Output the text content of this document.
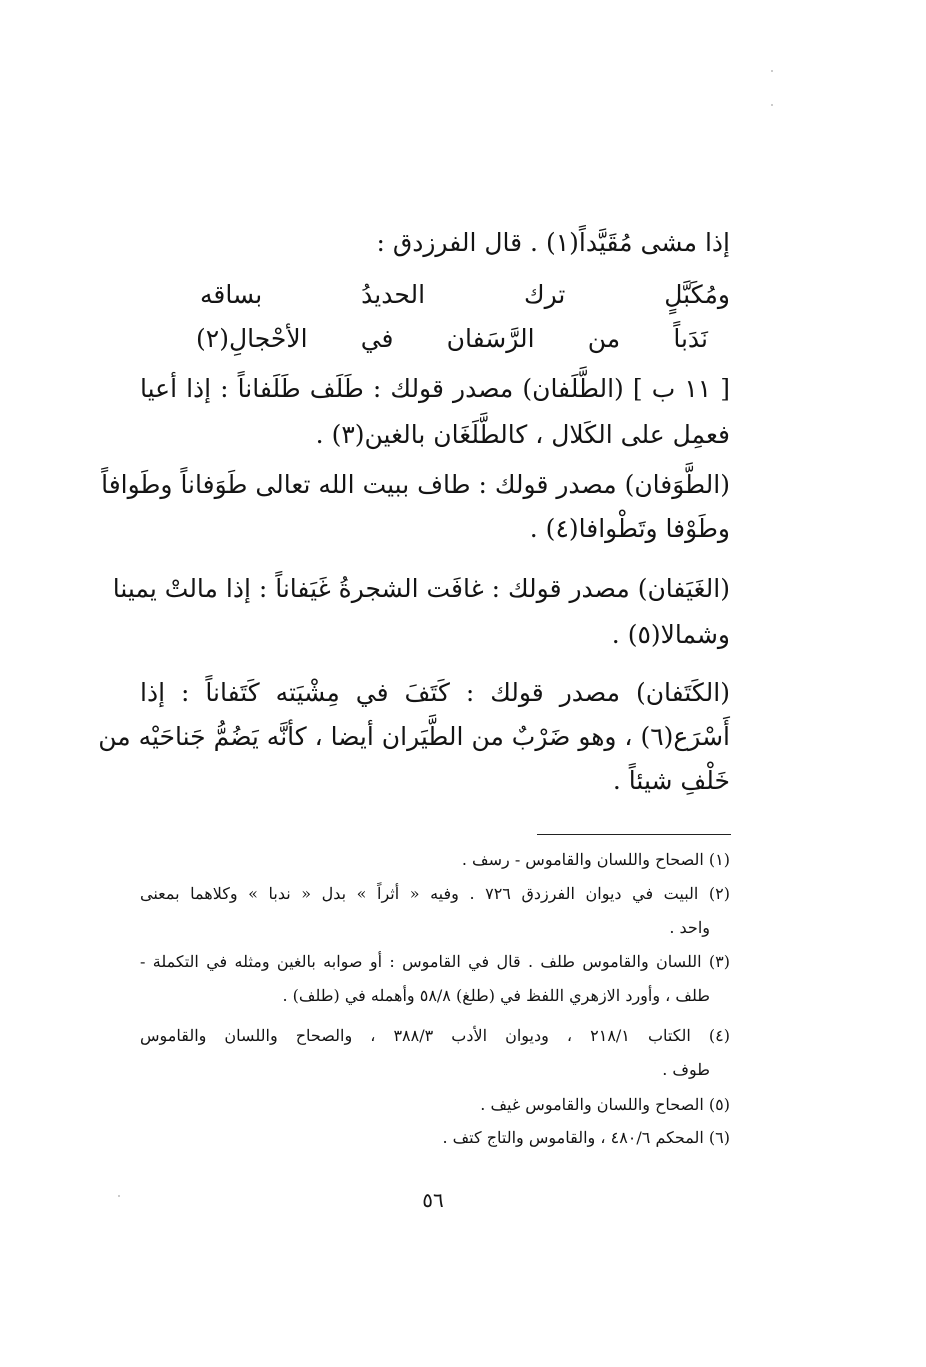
إذا مشى مُقَيَّداً(١) . قال الفرزدق :

ومُكَبَّلٍ ترك الحديدُ بساقه

نَدَباً من الرَّسَفان في الأحْجالِ(٢)

[ ١١ ب ] (الطَّلَفان) مصدر قولك : طَلَف طَلَفاناً : إذا أعيا

فعمِل على الكَلال ، كالطَّلَغَان بالغين(٣) .

(الطَّوَفان) مصدر قولك : طاف ببيت الله تعالى طَوَفاناً وطَوافاً

وطَوْفا وتَطْوافا(٤) .

(الغَيَفان) مصدر قولك : غافَت الشجرةُ غَيَفاناً : إذا مالتْ يمينا

وشمالا(٥) .

(الكَتَفان) مصدر قولك : كَتَفَ في مِشْيَته كَتَفاناً : إذا

أَسْرَع(٦) ، وهو ضَرْبٌ من الطَّيَران أيضا ، كأنَّه يَضُمُّ جَناحَيْه من

خَلْفِ شيئاً .

(١) الصحاح واللسان والقاموس - رسف .

(٢) البيت في ديوان الفرزدق ٧٢٦ . وفيه « أثراً » بدل « ندبا » وكلاهما بمعنى

واحد .

(٣) اللسان والقاموس طلف . قال في القاموس : أو صوابه بالغين ومثله في التكملة -

طلف ، وأورد الازهري اللفظ في (طلغ) ٥٨/٨ وأهمله في (طلف) .

(٤) الكتاب ٢١٨/١ ، وديوان الأدب ٣٨٨/٣ ، والصحاح واللسان والقاموس

طوف .

(٥) الصحاح واللسان والقاموس غيف .

(٦) المحكم ٤٨٠/٦ ، والقاموس والتاج كتف .

٥٦
